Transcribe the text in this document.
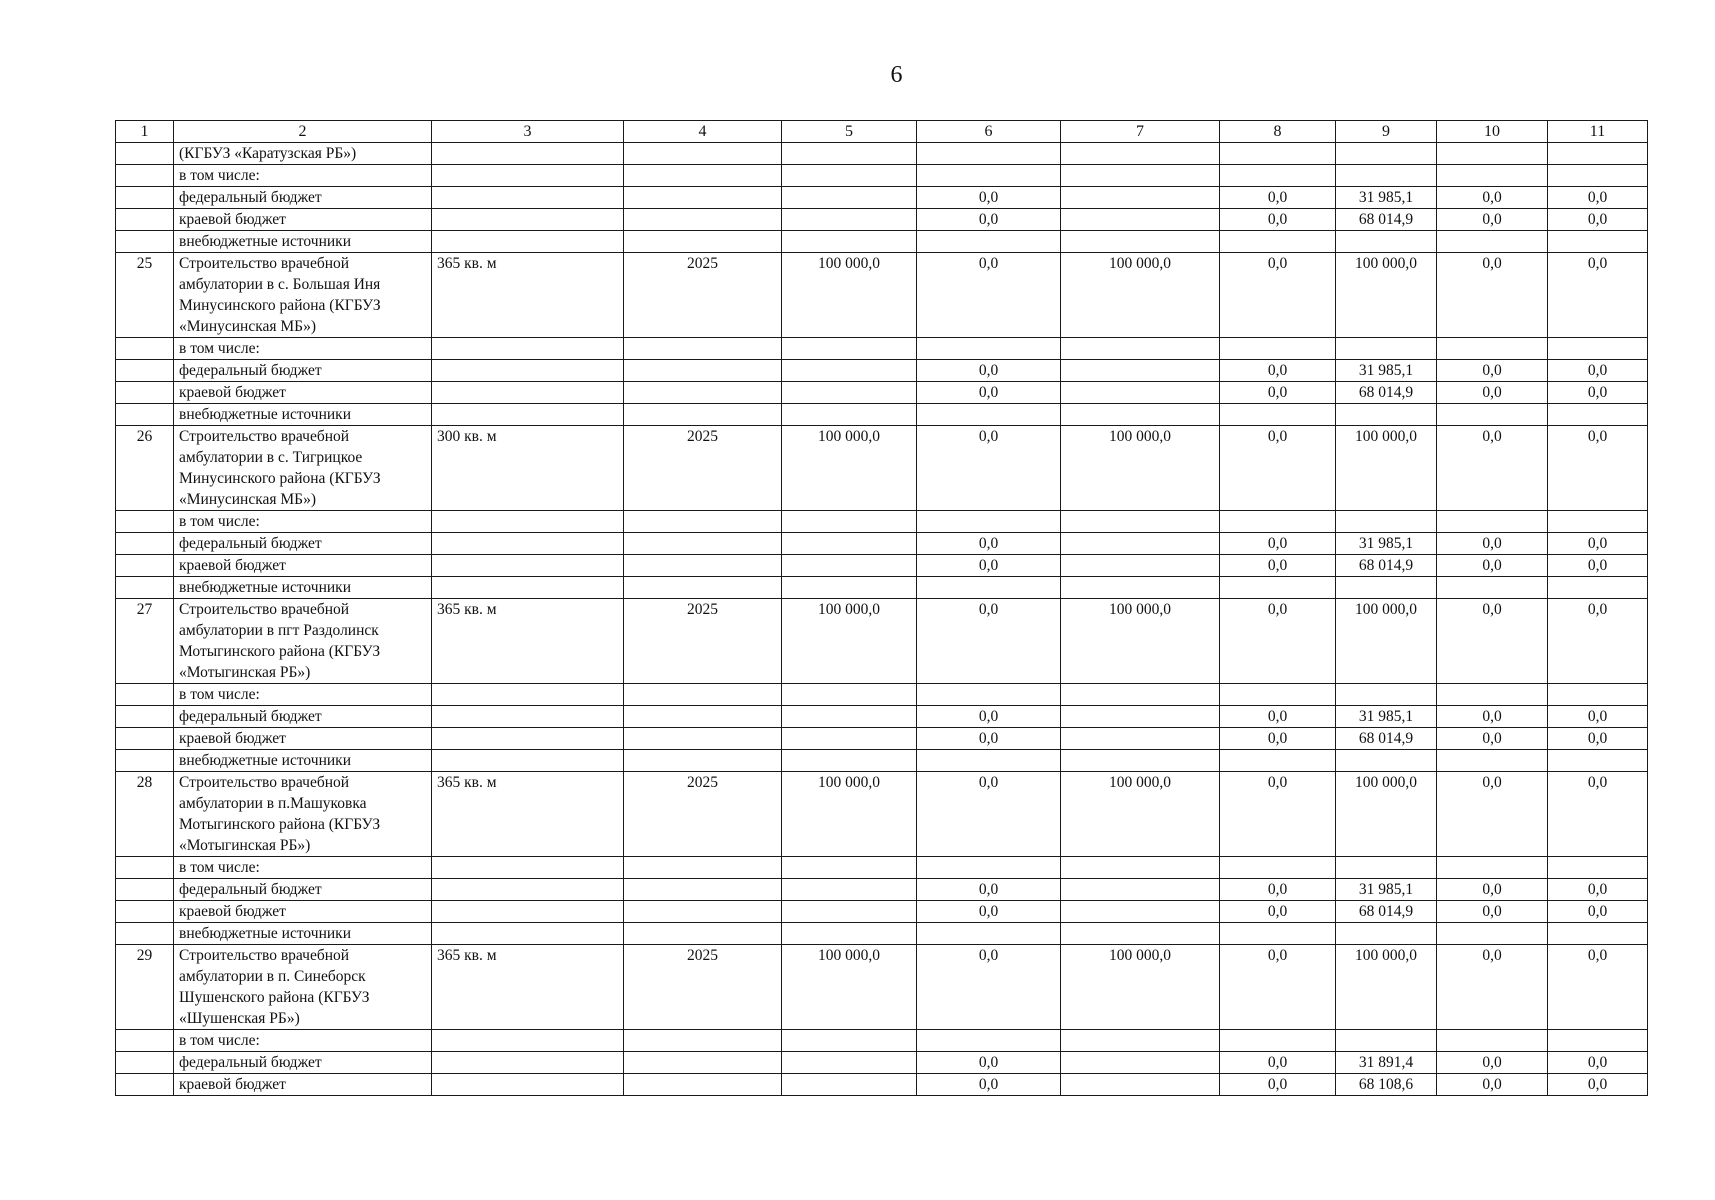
6
1	2	3	4	5	6	7	8	9	10	11
	(КГБУЗ «Каратузская РБ»)									
	в том числе:									
	федеральный бюджет				0,0		0,0	31 985,1	0,0	0,0
	краевой бюджет				0,0		0,0	68 014,9	0,0	0,0
	внебюджетные источники									
25	Строительство врачебной амбулатории в с. Большая Иня Минусинского района (КГБУЗ «Минусинская МБ»)	365 кв. м	2025	100 000,0	0,0	100 000,0	0,0	100 000,0	0,0	0,0
	в том числе:									
	федеральный бюджет				0,0		0,0	31 985,1	0,0	0,0
	краевой бюджет				0,0		0,0	68 014,9	0,0	0,0
	внебюджетные источники									
26	Строительство врачебной амбулатории в с. Тигрицкое Минусинского района (КГБУЗ «Минусинская МБ»)	300 кв. м	2025	100 000,0	0,0	100 000,0	0,0	100 000,0	0,0	0,0
	в том числе:									
	федеральный бюджет				0,0		0,0	31 985,1	0,0	0,0
	краевой бюджет				0,0		0,0	68 014,9	0,0	0,0
	внебюджетные источники									
27	Строительство врачебной амбулатории в пгт Раздолинск Мотыгинского района (КГБУЗ «Мотыгинская РБ»)	365 кв. м	2025	100 000,0	0,0	100 000,0	0,0	100 000,0	0,0	0,0
	в том числе:									
	федеральный бюджет				0,0		0,0	31 985,1	0,0	0,0
	краевой бюджет				0,0		0,0	68 014,9	0,0	0,0
	внебюджетные источники									
28	Строительство врачебной амбулатории в п.Машуковка Мотыгинского района (КГБУЗ «Мотыгинская РБ»)	365 кв. м	2025	100 000,0	0,0	100 000,0	0,0	100 000,0	0,0	0,0
	в том числе:									
	федеральный бюджет				0,0		0,0	31 985,1	0,0	0,0
	краевой бюджет				0,0		0,0	68 014,9	0,0	0,0
	внебюджетные источники									
29	Строительство врачебной амбулатории в п. Синеборск Шушенского района (КГБУЗ «Шушенская РБ»)	365 кв. м	2025	100 000,0	0,0	100 000,0	0,0	100 000,0	0,0	0,0
	в том числе:									
	федеральный бюджет				0,0		0,0	31 891,4	0,0	0,0
	краевой бюджет				0,0		0,0	68 108,6	0,0	0,0
